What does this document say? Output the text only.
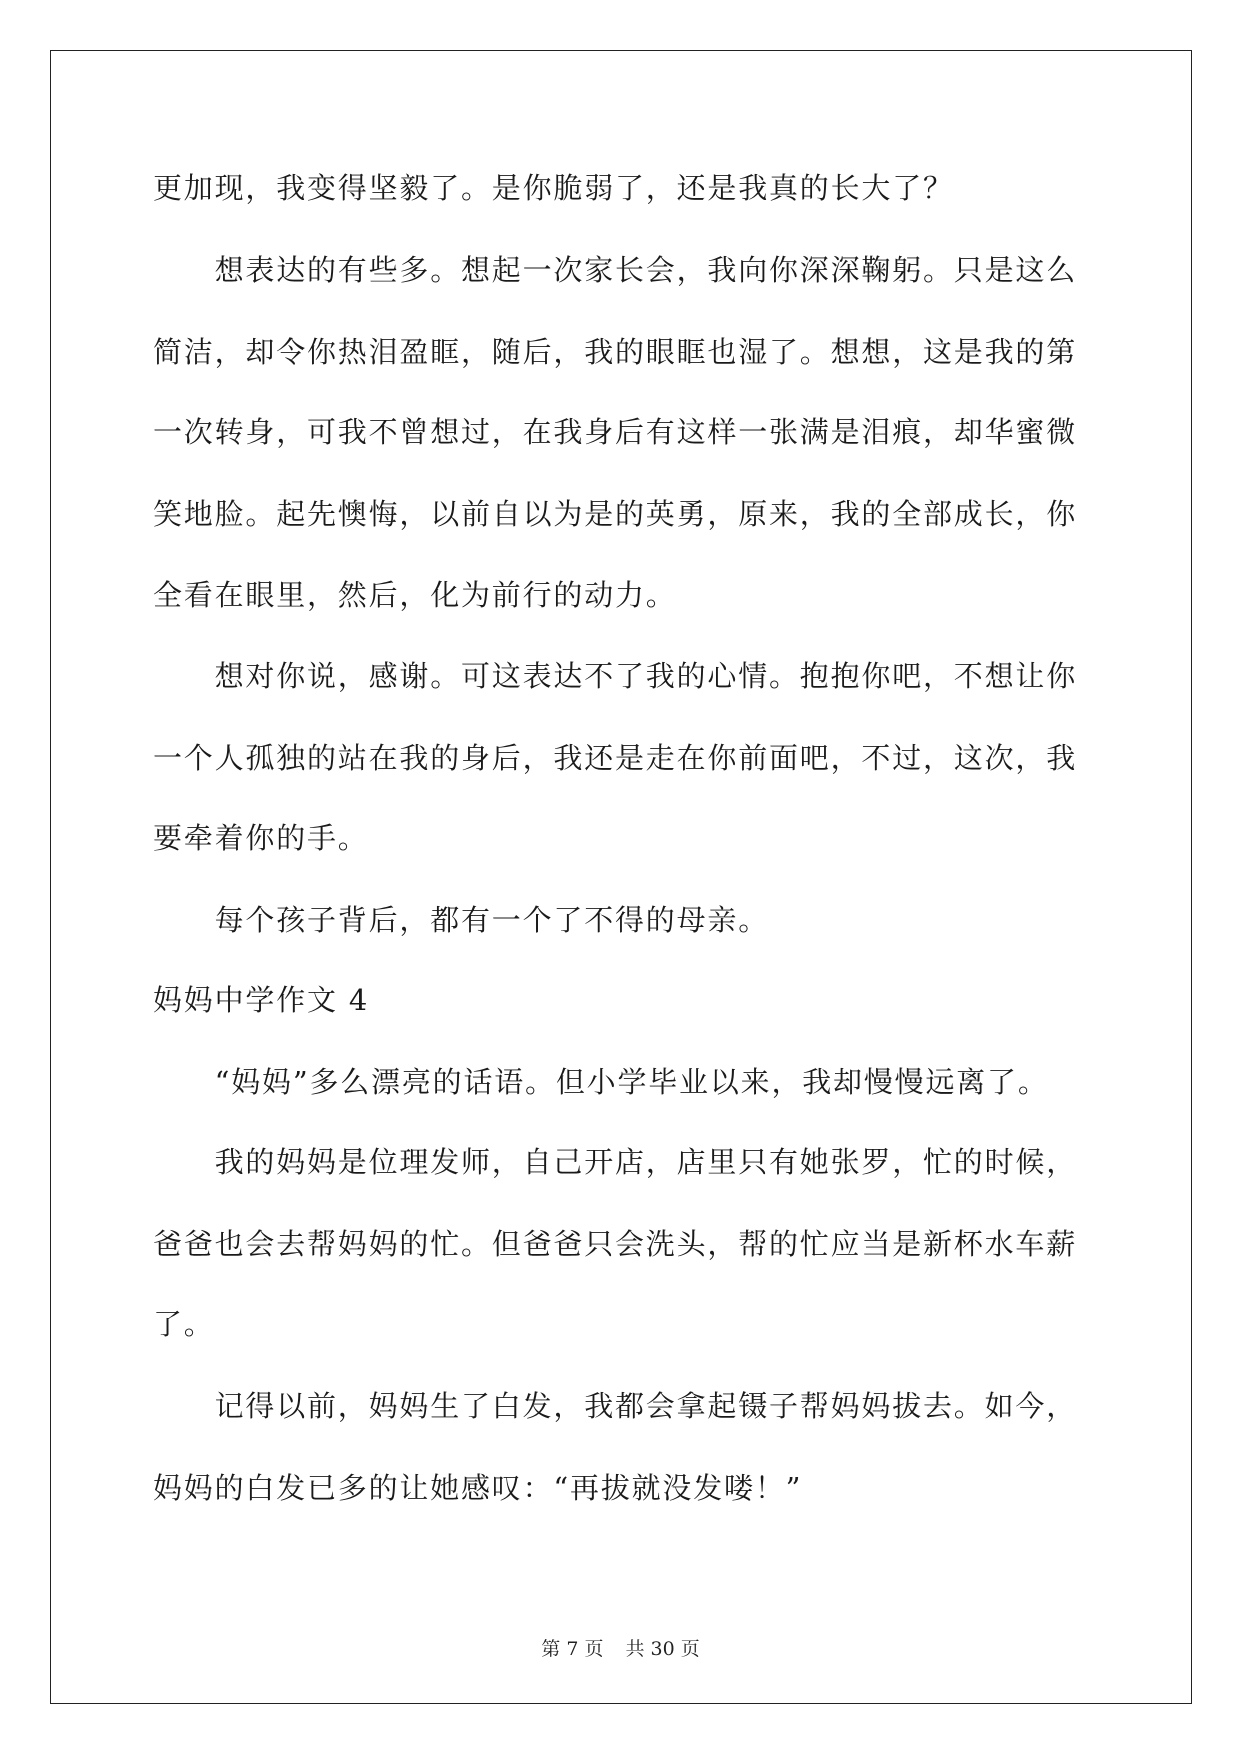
更加现，我变得坚毅了。是你脆弱了，还是我真的长大了？
　　想表达的有些多。想起一次家长会，我向你深深鞠躬。只是这么
简洁，却令你热泪盈眶，随后，我的眼眶也湿了。想想，这是我的第
一次转身，可我不曾想过，在我身后有这样一张满是泪痕，却华蜜微
笑地脸。起先懊悔，以前自以为是的英勇，原来，我的全部成长，你
全看在眼里，然后，化为前行的动力。
　　想对你说，感谢。可这表达不了我的心情。抱抱你吧，不想让你
一个人孤独的站在我的身后，我还是走在你前面吧，不过，这次，我
要牵着你的手。
　　每个孩子背后，都有一个了不得的母亲。
妈妈中学作文 4
　　“妈妈”多么漂亮的话语。但小学毕业以来，我却慢慢远离了。
　　我的妈妈是位理发师，自己开店，店里只有她张罗，忙的时候，
爸爸也会去帮妈妈的忙。但爸爸只会洗头，帮的忙应当是新杯水车薪
了。
　　记得以前，妈妈生了白发，我都会拿起镊子帮妈妈拔去。如今，
妈妈的白发已多的让她感叹：“再拔就没发喽！”
第 7 页 共 30 页
